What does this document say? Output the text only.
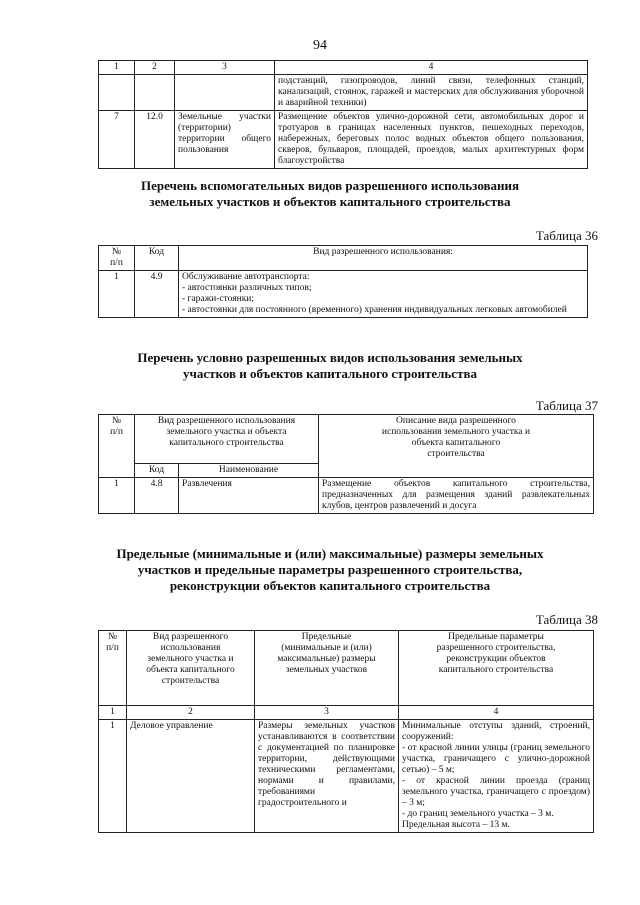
94
1	2	3	4
			подстанций, газопроводов, линий связи, телефонных станций, канализаций, стоянок, гаражей и мастерских для обслуживания уборочной и аварийной техники)
7	12.0	Земельные участки (территории) территории общего пользования	Размещение объектов улично-дорожной сети, автомобильных дорог и тротуаров в границах населенных пунктов, пешеходных переходов, набережных, береговых полос водных объектов общего пользования, скверов, бульваров, площадей, проездов, малых архитектурных форм благоустройства
Перечень вспомогательных видов разрешенного использования
земельных участков и объектов капитального строительства
Таблица 36
№
п/п	Код	Вид разрешенного использования:
1	4.9	Обслуживание автотранспорта:
- автостоянки различных типов;
- гаражи-стоянки;
- автостоянки для постоянного (временного) хранения индивидуальных легковых автомобилей
Перечень условно разрешенных видов использования земельных
участков и объектов капитального строительства
Таблица 37
№
п/п	Вид разрешенного использования
земельного участка и объекта
капитального строительства		Описание вида разрешенного
использования земельного участка и
объекта капитального
строительства
	Код	Наименование	
1	4.8	Развлечения	Размещение объектов капитального строительства, предназначенных для размещения зданий развлекательных клубов, центров развлечений и досуга
Предельные (минимальные и (или) максимальные) размеры земельных
участков и предельные параметры разрешенного строительства,
реконструкции объектов капитального строительства
Таблица 38
№
п/п	Вид разрешенного
использования
земельного участка и
объекта капитального
строительства	Предельные
(минимальные и (или)
максимальные) размеры
земельных участков	Предельные параметры
разрешенного строительства,
реконструкции объектов
капитального строительства
1	2	3	4
1	Деловое управление	Размеры земельных участков устанавливаются в соответствии с документацией по планировке территории, действующими техническими регламентами, нормами и правилами, требованиями градостроительного и	Минимальные отступы зданий, строений, сооружений:
- от красной линии улицы (границ земельного участка, граничащего с улично-дорожной сетью) – 5 м;
- от красной линии проезда (границ земельного участка, граничащего с проездом) – 3 м;
- до границ земельного участка – 3 м.
Предельная высота – 13 м.
